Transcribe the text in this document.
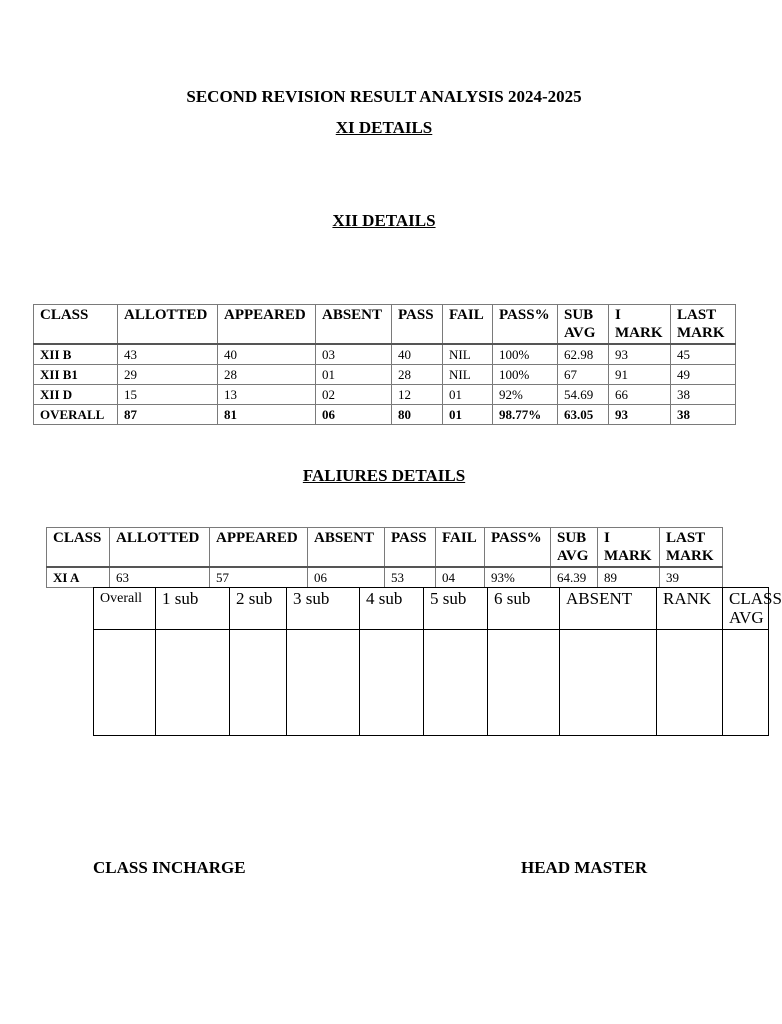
SECOND REVISION RESULT ANALYSIS 2024-2025
XI DETAILS
XII DETAILS
CLASS	ALLOTTED	APPEARED	ABSENT	PASS	FAIL	PASS%	SUB AVG	I MARK	LAST MARK
XII B	43	40	03	40	NIL	100%	62.98	93	45
XII B1	29	28	01	28	NIL	100%	67	91	49
XII D	15	13	02	12	01	92%	54.69	66	38
OVERALL	87	81	06	80	01	98.77%	63.05	93	38
FALIURES DETAILS
CLASS	ALLOTTED	APPEARED	ABSENT	PASS	FAIL	PASS%	SUB AVG	I MARK	LAST MARK
XI A	63	57	06	53	04	93%	64.39	89	39
Overall	1 sub	2 sub	3 sub	4 sub	5 sub	6 sub	ABSENT	RANK	CLASS AVG

CLASS INCHARGE	HEAD MASTER
